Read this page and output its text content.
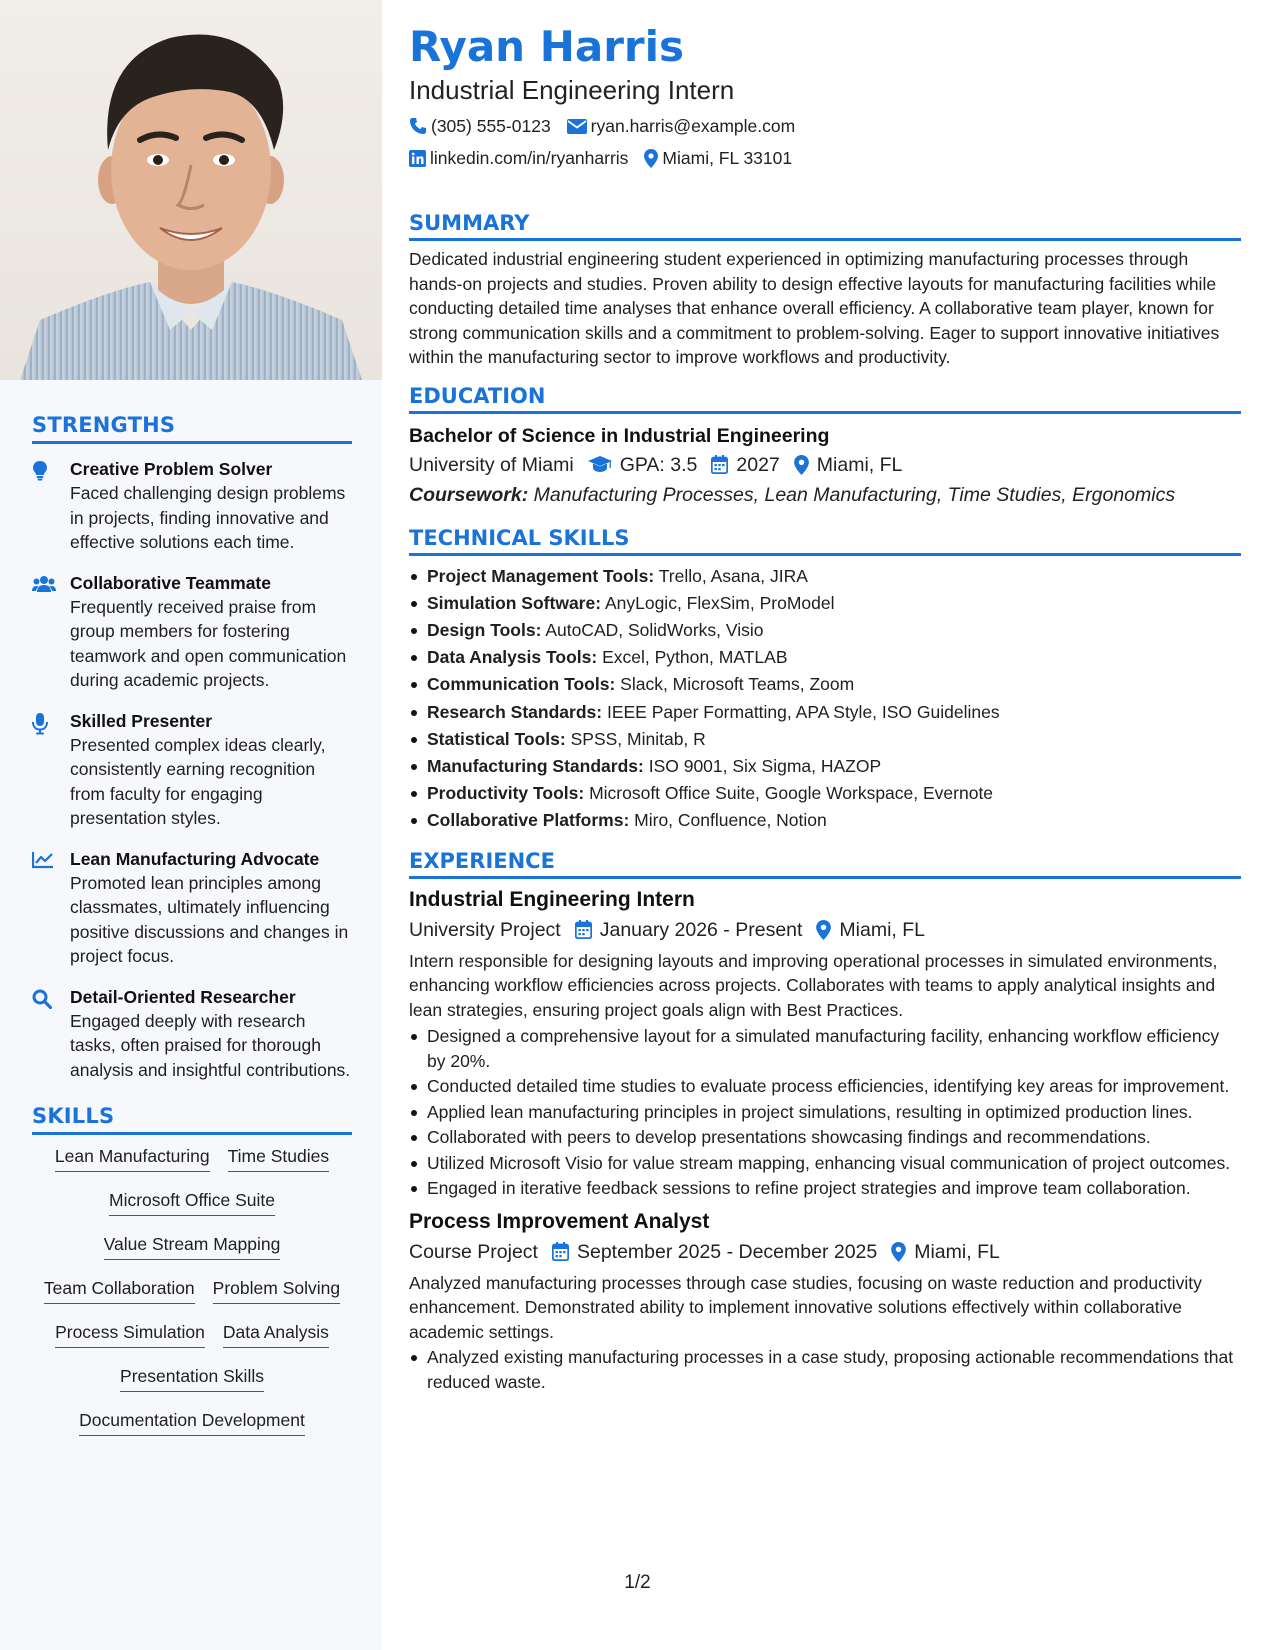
STRENGTHS
Creative Problem Solver
Faced challenging design problems in projects, finding innovative and effective solutions each time.
Collaborative Teammate
Frequently received praise from group members for fostering teamwork and open communication during academic projects.
Skilled Presenter
Presented complex ideas clearly, consistently earning recognition from faculty for engaging presentation styles.
Lean Manufacturing Advocate
Promoted lean principles among classmates, ultimately influencing positive discussions and changes in project focus.
Detail-Oriented Researcher
Engaged deeply with research tasks, often praised for thorough analysis and insightful contributions.
SKILLS
Lean Manufacturing Time Studies
Microsoft Office Suite
Value Stream Mapping
Team Collaboration Problem Solving
Process Simulation Data Analysis
Presentation Skills
Documentation Development
Ryan Harris
Industrial Engineering Intern
(305) 555-0123 ryan.harris@example.com
linkedin.com/in/ryanharris Miami, FL 33101
SUMMARY
Dedicated industrial engineering student experienced in optimizing manufacturing processes through hands-on projects and studies. Proven ability to design effective layouts for manufacturing facilities while conducting detailed time analyses that enhance overall efficiency. A collaborative team player, known for strong communication skills and a commitment to problem-solving. Eager to support innovative initiatives within the manufacturing sector to improve workflows and productivity.
EDUCATION
Bachelor of Science in Industrial Engineering
University of Miami GPA: 3.5 2027 Miami, FL
Coursework: Manufacturing Processes, Lean Manufacturing, Time Studies, Ergonomics
TECHNICAL SKILLS
Project Management Tools: Trello, Asana, JIRA
Simulation Software: AnyLogic, FlexSim, ProModel
Design Tools: AutoCAD, SolidWorks, Visio
Data Analysis Tools: Excel, Python, MATLAB
Communication Tools: Slack, Microsoft Teams, Zoom
Research Standards: IEEE Paper Formatting, APA Style, ISO Guidelines
Statistical Tools: SPSS, Minitab, R
Manufacturing Standards: ISO 9001, Six Sigma, HAZOP
Productivity Tools: Microsoft Office Suite, Google Workspace, Evernote
Collaborative Platforms: Miro, Confluence, Notion
EXPERIENCE
Industrial Engineering Intern
University Project January 2026 - Present Miami, FL
Intern responsible for designing layouts and improving operational processes in simulated environments, enhancing workflow efficiencies across projects. Collaborates with teams to apply analytical insights and lean strategies, ensuring project goals align with Best Practices.
Designed a comprehensive layout for a simulated manufacturing facility, enhancing workflow efficiency by 20%.
Conducted detailed time studies to evaluate process efficiencies, identifying key areas for improvement.
Applied lean manufacturing principles in project simulations, resulting in optimized production lines.
Collaborated with peers to develop presentations showcasing findings and recommendations.
Utilized Microsoft Visio for value stream mapping, enhancing visual communication of project outcomes.
Engaged in iterative feedback sessions to refine project strategies and improve team collaboration.
Process Improvement Analyst
Course Project September 2025 - December 2025 Miami, FL
Analyzed manufacturing processes through case studies, focusing on waste reduction and productivity enhancement. Demonstrated ability to implement innovative solutions effectively within collaborative academic settings.
Analyzed existing manufacturing processes in a case study, proposing actionable recommendations that reduced waste.
1/2
